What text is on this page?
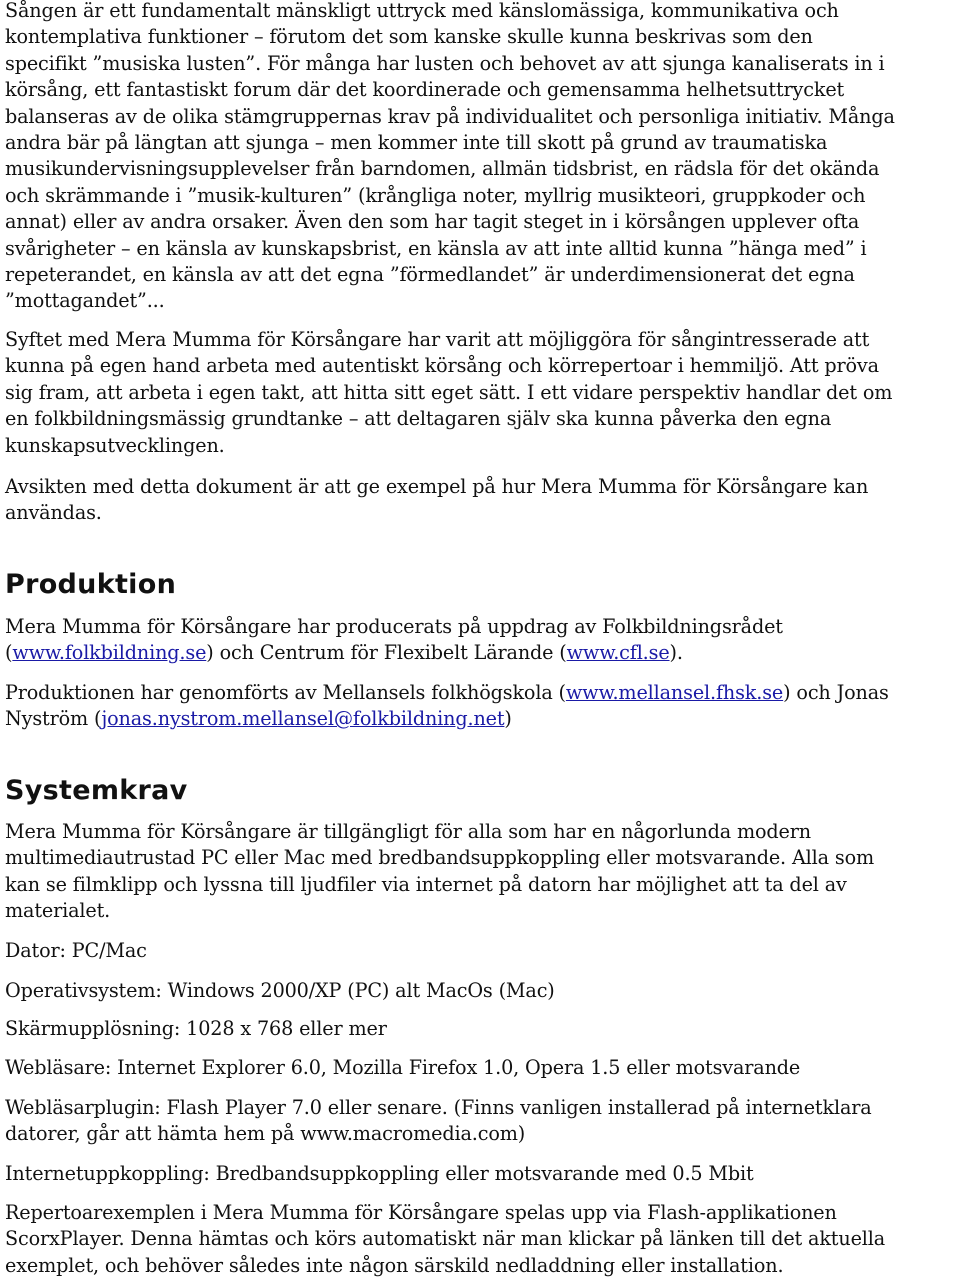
Sången är ett fundamentalt mänskligt uttryck med känslomässiga, kommunikativa och
kontemplativa funktioner – förutom det som kanske skulle kunna beskrivas som den
specifikt ”musiska lusten”. För många har lusten och behovet av att sjunga kanaliserats in i
körsång, ett fantastiskt forum där det koordinerade och gemensamma helhetsuttrycket
balanseras av de olika stämgruppernas krav på individualitet och personliga initiativ. Många
andra bär på längtan att sjunga – men kommer inte till skott på grund av traumatiska
musikundervisningsupplevelser från barndomen, allmän tidsbrist, en rädsla för det okända
och skrämmande i ”musik-kulturen” (krångliga noter, myllrig musikteori, gruppkoder och
annat) eller av andra orsaker. Även den som har tagit steget in i körsången upplever ofta
svårigheter – en känsla av kunskapsbrist, en känsla av att inte alltid kunna ”hänga med” i
repeterandet, en känsla av att det egna ”förmedlandet” är underdimensionerat det egna
”mottagandet”...

Syftet med Mera Mumma för Körsångare har varit att möjliggöra för sångintresserade att
kunna på egen hand arbeta med autentiskt körsång och körrepertoar i hemmiljö. Att pröva
sig fram, att arbeta i egen takt, att hitta sitt eget sätt. I ett vidare perspektiv handlar det om
en folkbildningsmässig grundtanke – att deltagaren själv ska kunna påverka den egna
kunskapsutvecklingen.

Avsikten med detta dokument är att ge exempel på hur Mera Mumma för Körsångare kan
användas.

Produktion

Mera Mumma för Körsångare har producerats på uppdrag av Folkbildningsrådet
(www.folkbildning.se) och Centrum för Flexibelt Lärande (www.cfl.se).

Produktionen har genomförts av Mellansels folkhögskola (www.mellansel.fhsk.se) och Jonas
Nyström (jonas.nystrom.mellansel@folkbildning.net)

Systemkrav

Mera Mumma för Körsångare är tillgängligt för alla som har en någorlunda modern
multimediautrustad PC eller Mac med bredbandsuppkoppling eller motsvarande. Alla som
kan se filmklipp och lyssna till ljudfiler via internet på datorn har möjlighet att ta del av
materialet.

Dator: PC/Mac

Operativsystem: Windows 2000/XP (PC) alt MacOs (Mac)

Skärmupplösning: 1028 x 768 eller mer

Webläsare: Internet Explorer 6.0, Mozilla Firefox 1.0, Opera 1.5 eller motsvarande

Webläsarplugin: Flash Player 7.0 eller senare. (Finns vanligen installerad på internetklara
datorer, går att hämta hem på www.macromedia.com)

Internetuppkoppling: Bredbandsuppkoppling eller motsvarande med 0.5 Mbit

Repertoarexemplen i Mera Mumma för Körsångare spelas upp via Flash-applikationen
ScorxPlayer. Denna hämtas och körs automatiskt när man klickar på länken till det aktuella
exemplet, och behöver således inte någon särskild nedladdning eller installation.
